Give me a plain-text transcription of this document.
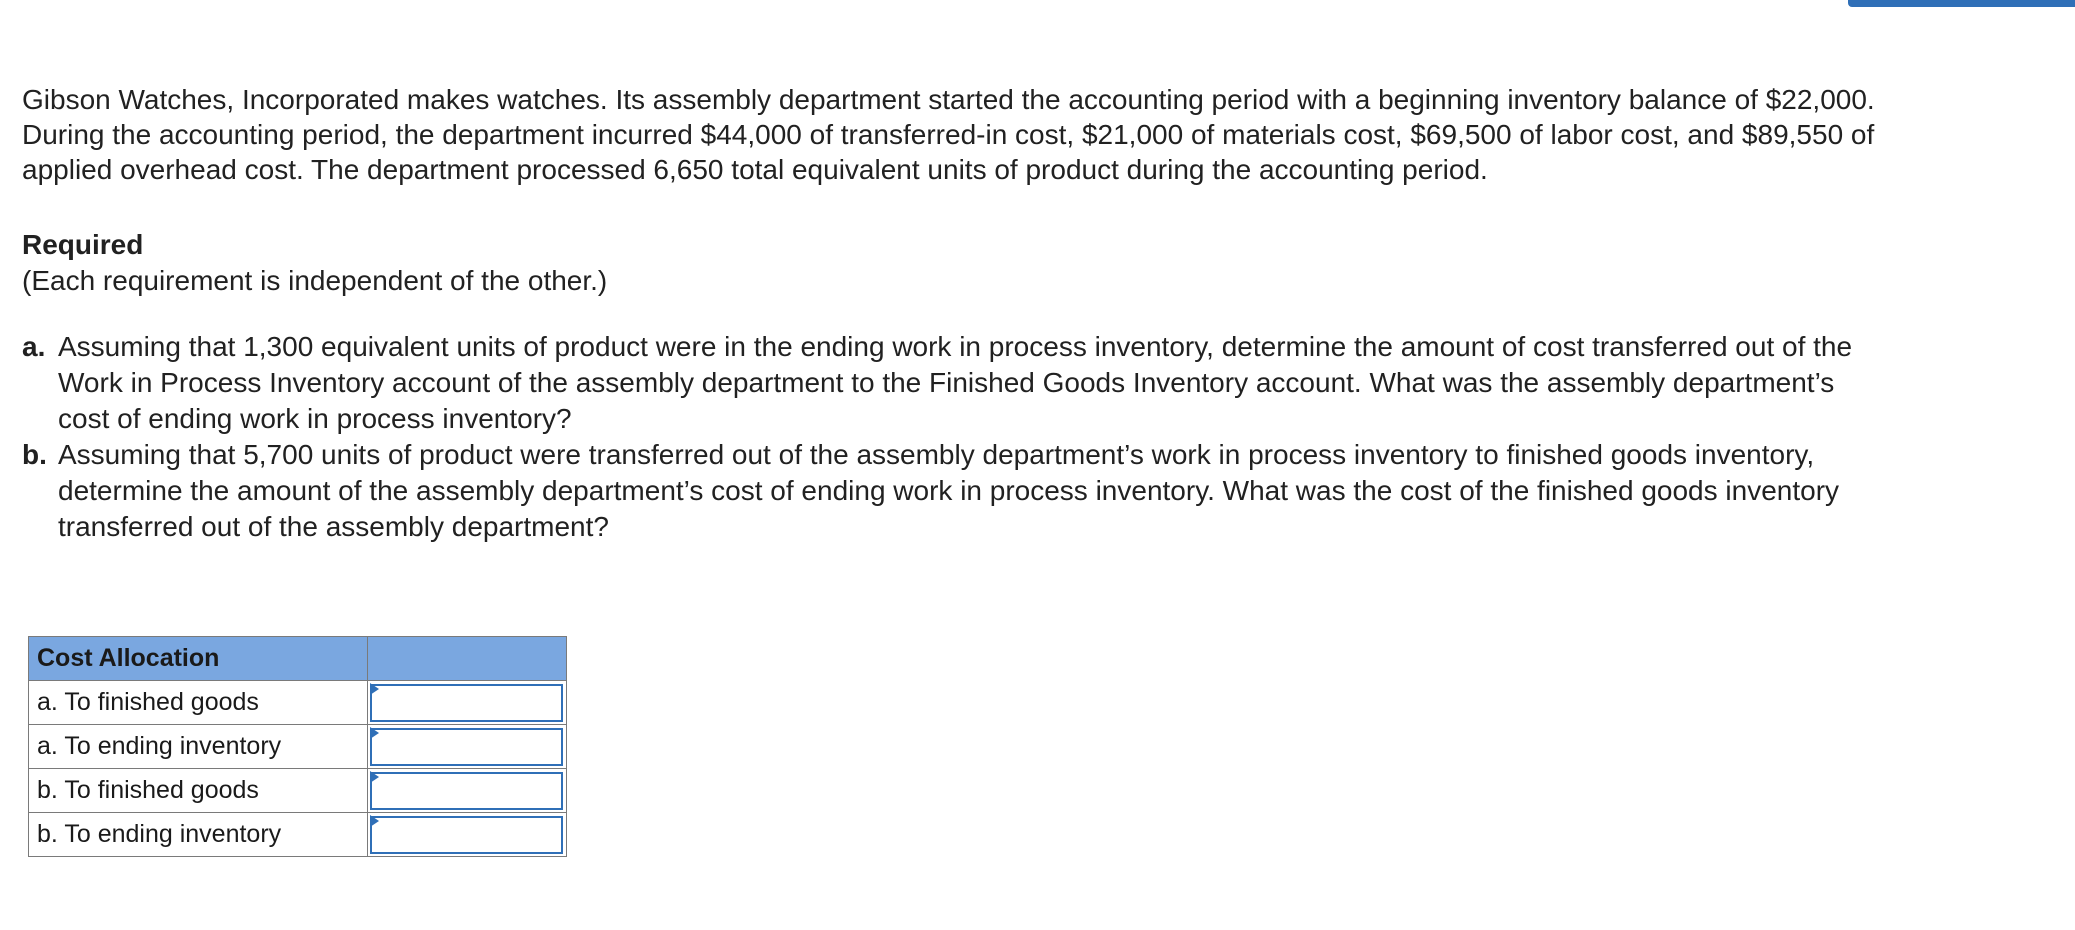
Gibson Watches, Incorporated makes watches. Its assembly department started the accounting period with a beginning inventory balance of $22,000. During the accounting period, the department incurred $44,000 of transferred-in cost, $21,000 of materials cost, $69,500 of labor cost, and $89,550 of applied overhead cost. The department processed 6,650 total equivalent units of product during the accounting period.

Required

(Each requirement is independent of the other.)

a. Assuming that 1,300 equivalent units of product were in the ending work in process inventory, determine the amount of cost transferred out of the Work in Process Inventory account of the assembly department to the Finished Goods Inventory account. What was the assembly department’s cost of ending work in process inventory?
b. Assuming that 5,700 units of product were transferred out of the assembly department’s work in process inventory to finished goods inventory, determine the amount of the assembly department’s cost of ending work in process inventory. What was the cost of the finished goods inventory transferred out of the assembly department?
Cost Allocation	
a. To finished goods	

a. To ending inventory	

b. To finished goods	

b. To ending inventory	
